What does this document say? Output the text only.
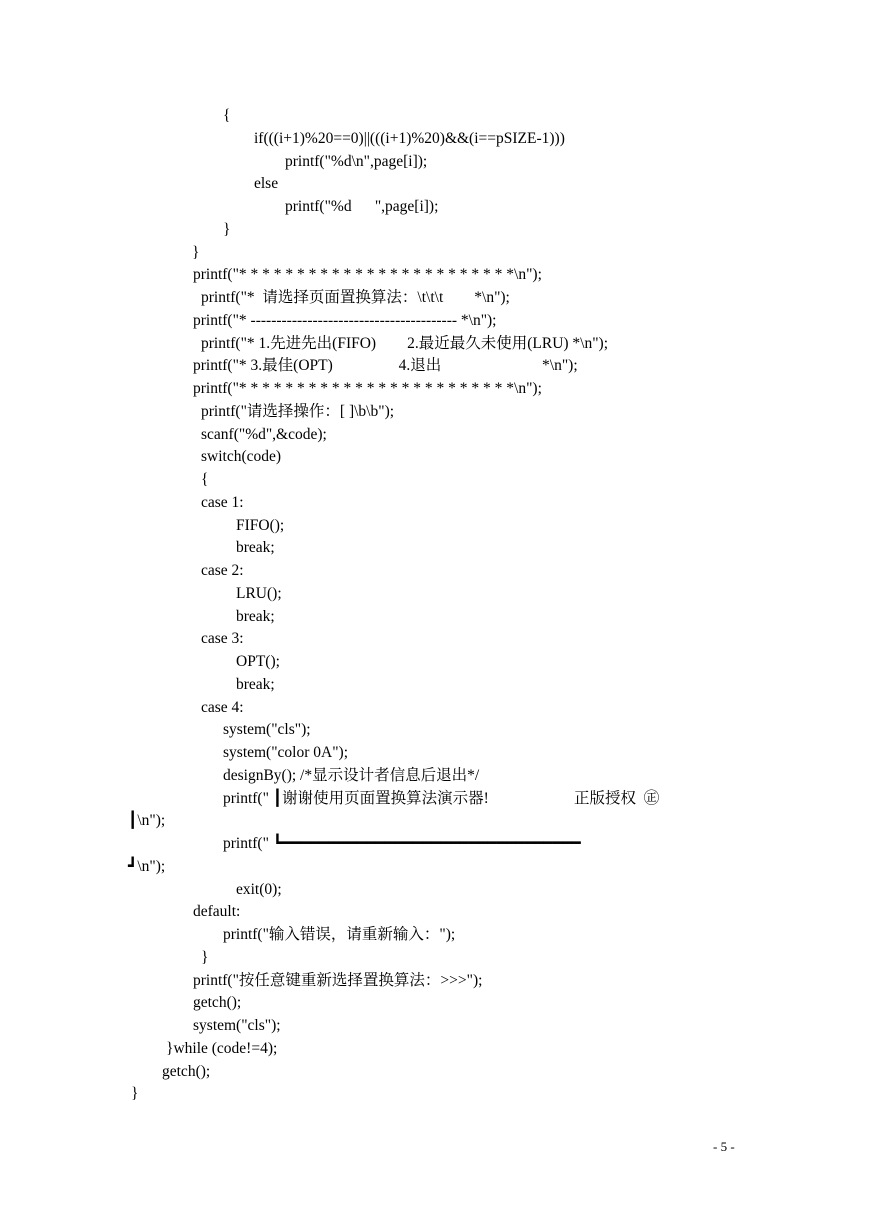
{
if(((i+1)%20==0)||(((i+1)%20)&&(i==pSIZE-1)))
printf("%d\n",page[i]);
else
printf("%d      ",page[i]);
}
}
printf("* * * * * * * * * * * * * * * * * * * * * * * *\n");
printf("*  请选择页面置换算法：\t\t\t        *\n");
printf("* ---------------------------------------- *\n");
printf("* 1.先进先出(FIFO)        2.最近最久未使用(LRU) *\n");
printf("* 3.最佳(OPT)                 4.退出                          *\n");
printf("* * * * * * * * * * * * * * * * * * * * * * * *\n");
printf("请选择操作：[ ]\b\b");
scanf("%d",&code);
switch(code)
{
case 1:
FIFO();
break;
case 2:
LRU();
break;
case 3:
OPT();
break;
case 4:
system("cls");
system("color 0A");
designBy(); /*显示设计者信息后退出*/
printf(" ┃谢谢使用页面置换算法演示器!                      正版授权  ㊣
┃\n");
printf(" ┗━━━━━━━━━━━━━━━━━━━━━━━━━━━━━━━━
┛\n");
exit(0);
default:
printf("输入错误，请重新输入：");
}
printf("按任意键重新选择置换算法：>>>");
getch();
system("cls");
}while (code!=4);
getch();
}
- 5 -
